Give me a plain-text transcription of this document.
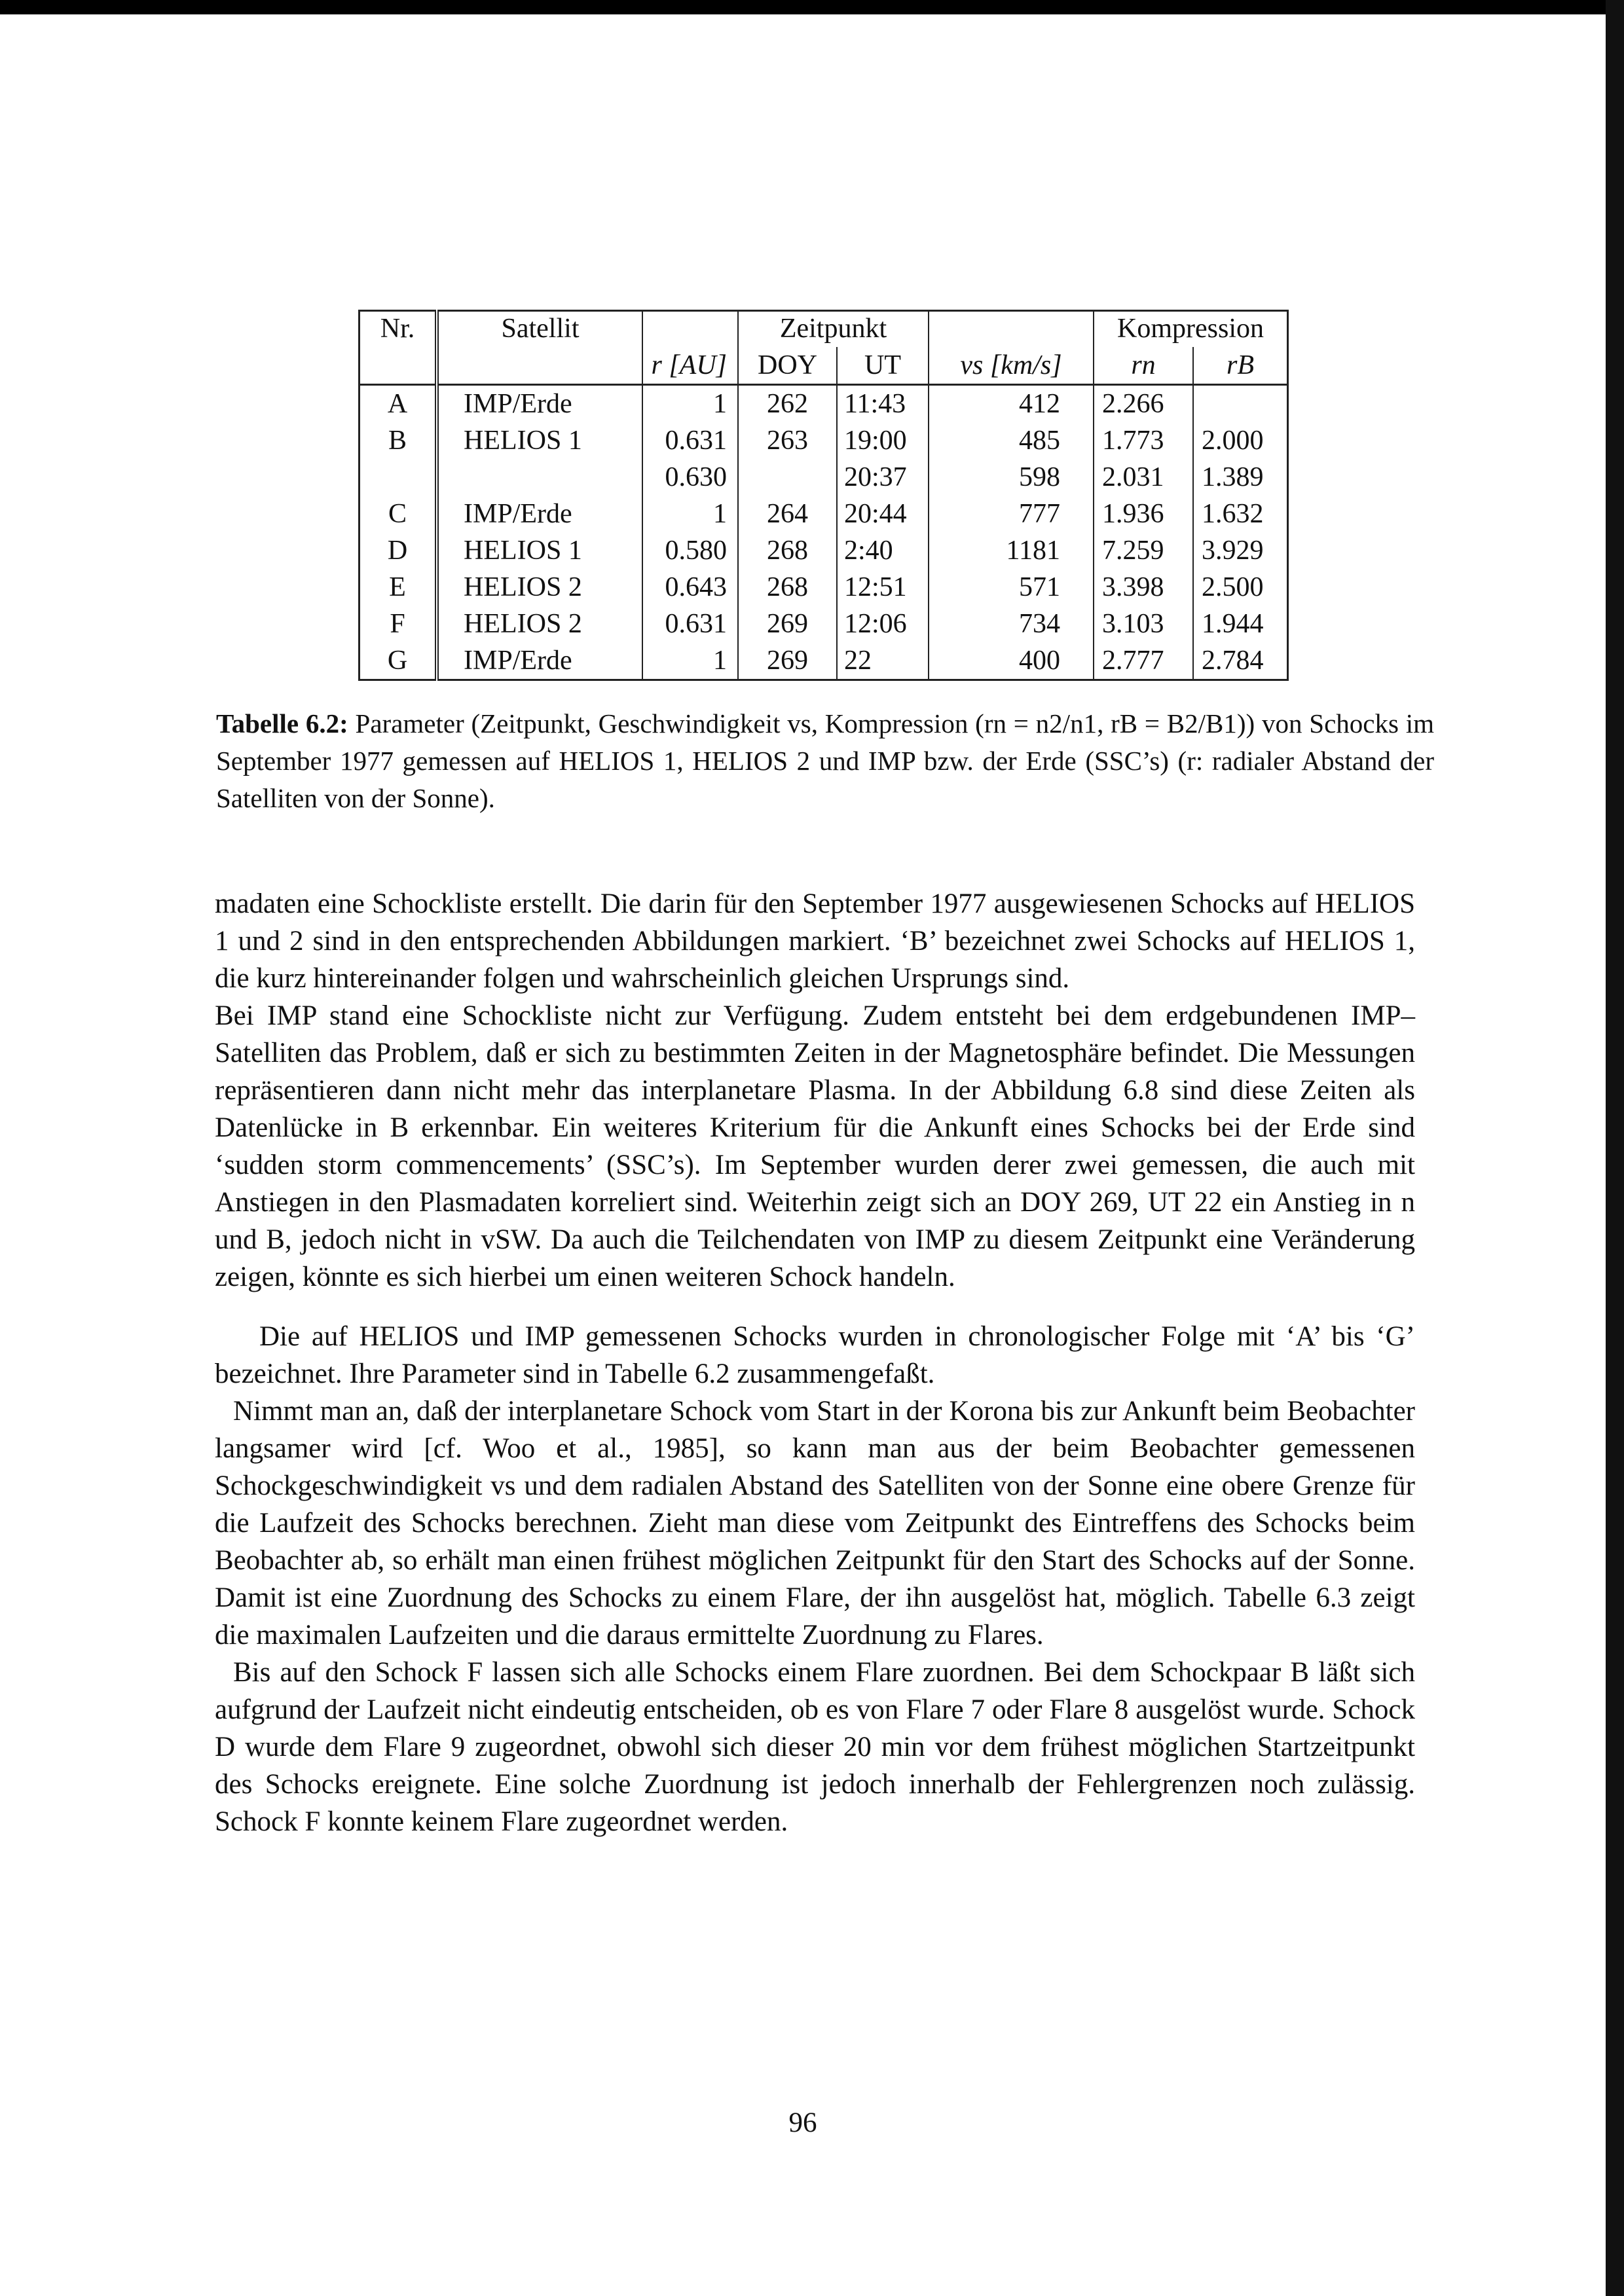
Nr.	Satellit		Zeitpunkt			Kompression	
		r [AU]	DOY	UT	vs [km/s]	rn	rB
A	IMP/Erde	1	262	11:43	412	2.266	
B	HELIOS 1	0.631	263	19:00	485	1.773	2.000
		0.630		20:37	598	2.031	1.389
C	IMP/Erde	1	264	20:44	777	1.936	1.632
D	HELIOS 1	0.580	268	2:40	1181	7.259	3.929
E	HELIOS 2	0.643	268	12:51	571	3.398	2.500
F	HELIOS 2	0.631	269	12:06	734	3.103	1.944
G	IMP/Erde	1	269	22	400	2.777	2.784
Tabelle 6.2: Parameter (Zeitpunkt, Geschwindigkeit vs, Kompression (rn = n2/n1, rB = B2/B1)) von Schocks im September 1977 gemessen auf HELIOS 1, HELIOS 2 und IMP bzw. der Erde (SSC’s) (r: radialer Abstand der Satelliten von der Sonne).

madaten eine Schockliste erstellt. Die darin für den September 1977 ausgewiesenen Schocks auf HELIOS 1 und 2 sind in den entsprechenden Abbildungen markiert. ‘B’ bezeichnet zwei Schocks auf HELIOS 1, die kurz hintereinander folgen und wahrscheinlich gleichen Ursprungs sind.

Bei IMP stand eine Schockliste nicht zur Verfügung. Zudem entsteht bei dem erdgebundenen IMP–Satelliten das Problem, daß er sich zu bestimmten Zeiten in der Magnetosphäre befindet. Die Messungen repräsentieren dann nicht mehr das interplanetare Plasma. In der Abbildung 6.8 sind diese Zeiten als Datenlücke in B erkennbar. Ein weiteres Kriterium für die Ankunft eines Schocks bei der Erde sind ‘sudden storm commencements’ (SSC’s). Im September wurden derer zwei gemessen, die auch mit Anstiegen in den Plasmadaten korreliert sind. Weiterhin zeigt sich an DOY 269, UT 22 ein Anstieg in n und B, jedoch nicht in vSW. Da auch die Teilchendaten von IMP zu diesem Zeitpunkt eine Veränderung zeigen, könnte es sich hierbei um einen weiteren Schock handeln.

Die auf HELIOS und IMP gemessenen Schocks wurden in chronologischer Folge mit ‘A’ bis ‘G’ bezeichnet. Ihre Parameter sind in Tabelle 6.2 zusammengefaßt.

Nimmt man an, daß der interplanetare Schock vom Start in der Korona bis zur Ankunft beim Beobachter langsamer wird [cf. Woo et al., 1985], so kann man aus der beim Beobachter gemessenen Schockgeschwindigkeit vs und dem radialen Abstand des Satelliten von der Sonne eine obere Grenze für die Laufzeit des Schocks berechnen. Zieht man diese vom Zeitpunkt des Eintreffens des Schocks beim Beobachter ab, so erhält man einen frühest möglichen Zeitpunkt für den Start des Schocks auf der Sonne. Damit ist eine Zuordnung des Schocks zu einem Flare, der ihn ausgelöst hat, möglich. Tabelle 6.3 zeigt die maximalen Laufzeiten und die daraus ermittelte Zuordnung zu Flares.

Bis auf den Schock F lassen sich alle Schocks einem Flare zuordnen. Bei dem Schockpaar B läßt sich aufgrund der Laufzeit nicht eindeutig entscheiden, ob es von Flare 7 oder Flare 8 ausgelöst wurde. Schock D wurde dem Flare 9 zugeordnet, obwohl sich dieser 20 min vor dem frühest möglichen Startzeitpunkt des Schocks ereignete. Eine solche Zuordnung ist jedoch innerhalb der Fehlergrenzen noch zulässig. Schock F konnte keinem Flare zugeordnet werden.

96
